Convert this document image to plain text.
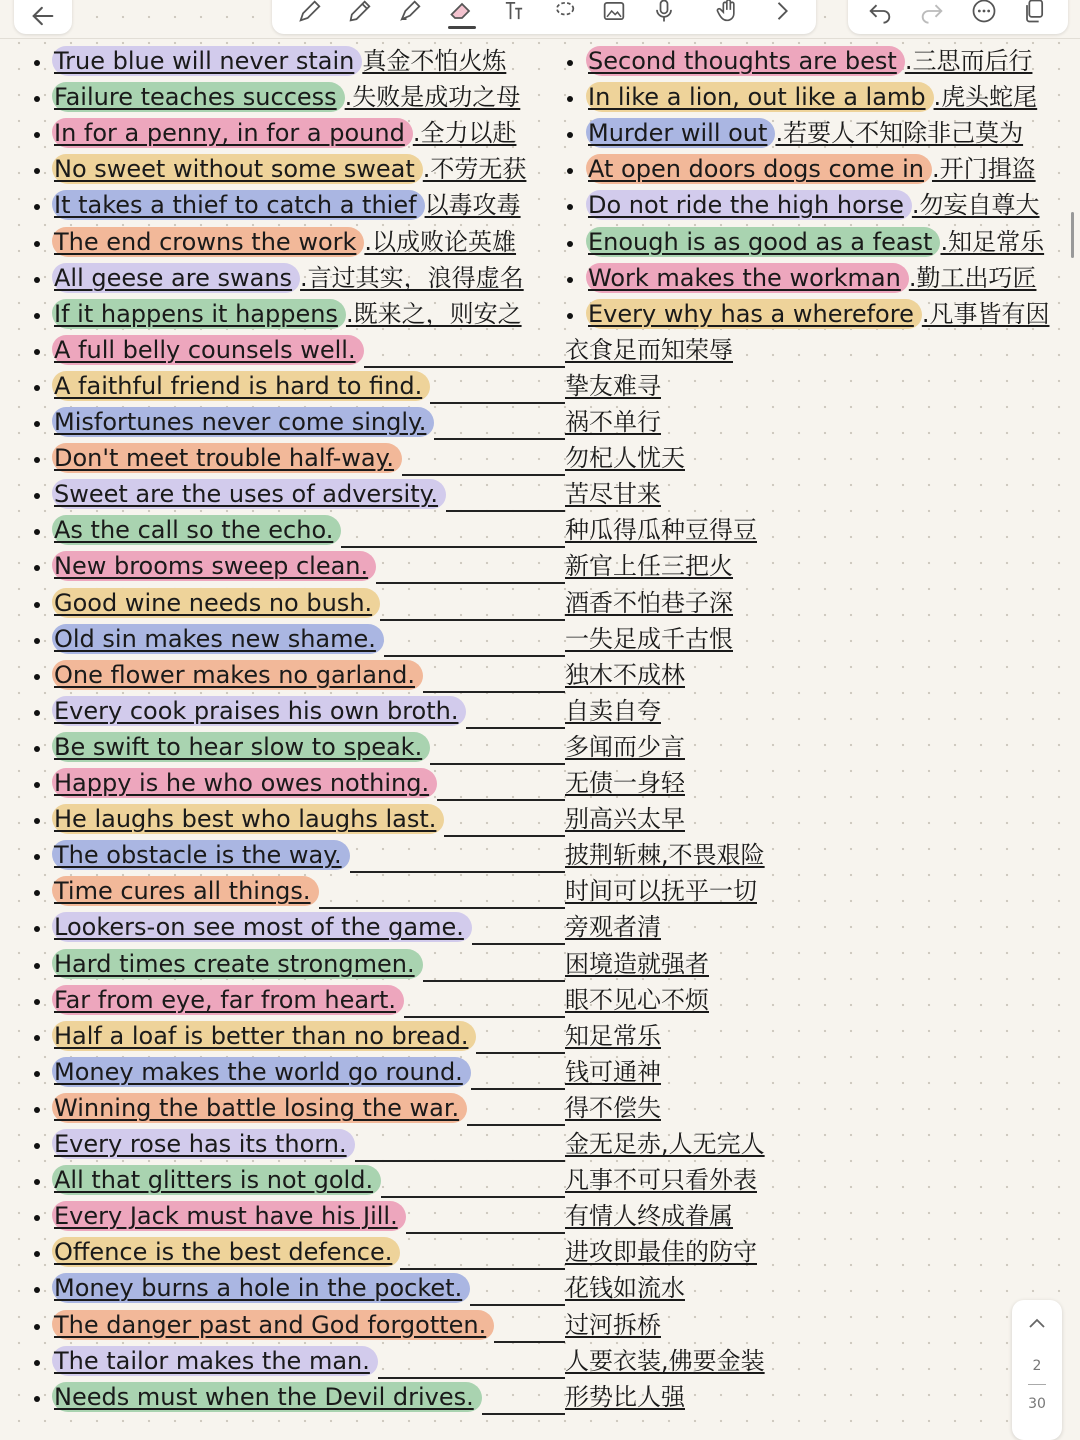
True blue will never stain 真金不怕火炼
Failure teaches success .失败是成功之母
In for a penny, in for a pound .全力以赴
No sweet without some sweat .不劳无获
It takes a thief to catch a thief 以毒攻毒
The end crowns the work .以成败论英雄
All geese are swans .言过其实，浪得虚名
If it happens it happens .既来之，则安之
Second thoughts are best .三思而后行
In like a lion, out like a lamb .虎头蛇尾
Murder will out .若要人不知除非己莫为
At open doors dogs come in .开门揖盗
Do not ride the high horse .勿妄自尊大
Enough is as good as a feast .知足常乐
Work makes the workman .勤工出巧匠
Every why has a wherefore .凡事皆有因
A full belly counsels well.	衣食足而知荣辱
A faithful friend is hard to find.	挚友难寻
Misfortunes never come singly.	祸不单行
Don't meet trouble half-way.	勿杞人忧天
Sweet are the uses of adversity.	苦尽甘来
As the call so the echo.	种瓜得瓜种豆得豆
New brooms sweep clean.	新官上任三把火
Good wine needs no bush.	酒香不怕巷子深
Old sin makes new shame.	一失足成千古恨
One flower makes no garland.	独木不成林
Every cook praises his own broth.	自卖自夸
Be swift to hear slow to speak.	多闻而少言
Happy is he who owes nothing.	无债一身轻
He laughs best who laughs last.	别高兴太早
The obstacle is the way.	披荆斩棘,不畏艰险
Time cures all things.	时间可以抚平一切
Lookers-on see most of the game.	旁观者清
Hard times create strongmen.	困境造就强者
Far from eye, far from heart.	眼不见心不烦
Half a loaf is better than no bread.	知足常乐
Money makes the world go round.	钱可通神
Winning the battle losing the war.	得不偿失
Every rose has its thorn.	金无足赤,人无完人
All that glitters is not gold.	凡事不可只看外表
Every Jack must have his Jill.	有情人终成眷属
Offence is the best defence.	进攻即最佳的防守
Money burns a hole in the pocket.	花钱如流水
The danger past and God forgotten.	过河拆桥
The tailor makes the man.	人要衣装,佛要金装
Needs must when the Devil drives.	形势比人强
2
30
